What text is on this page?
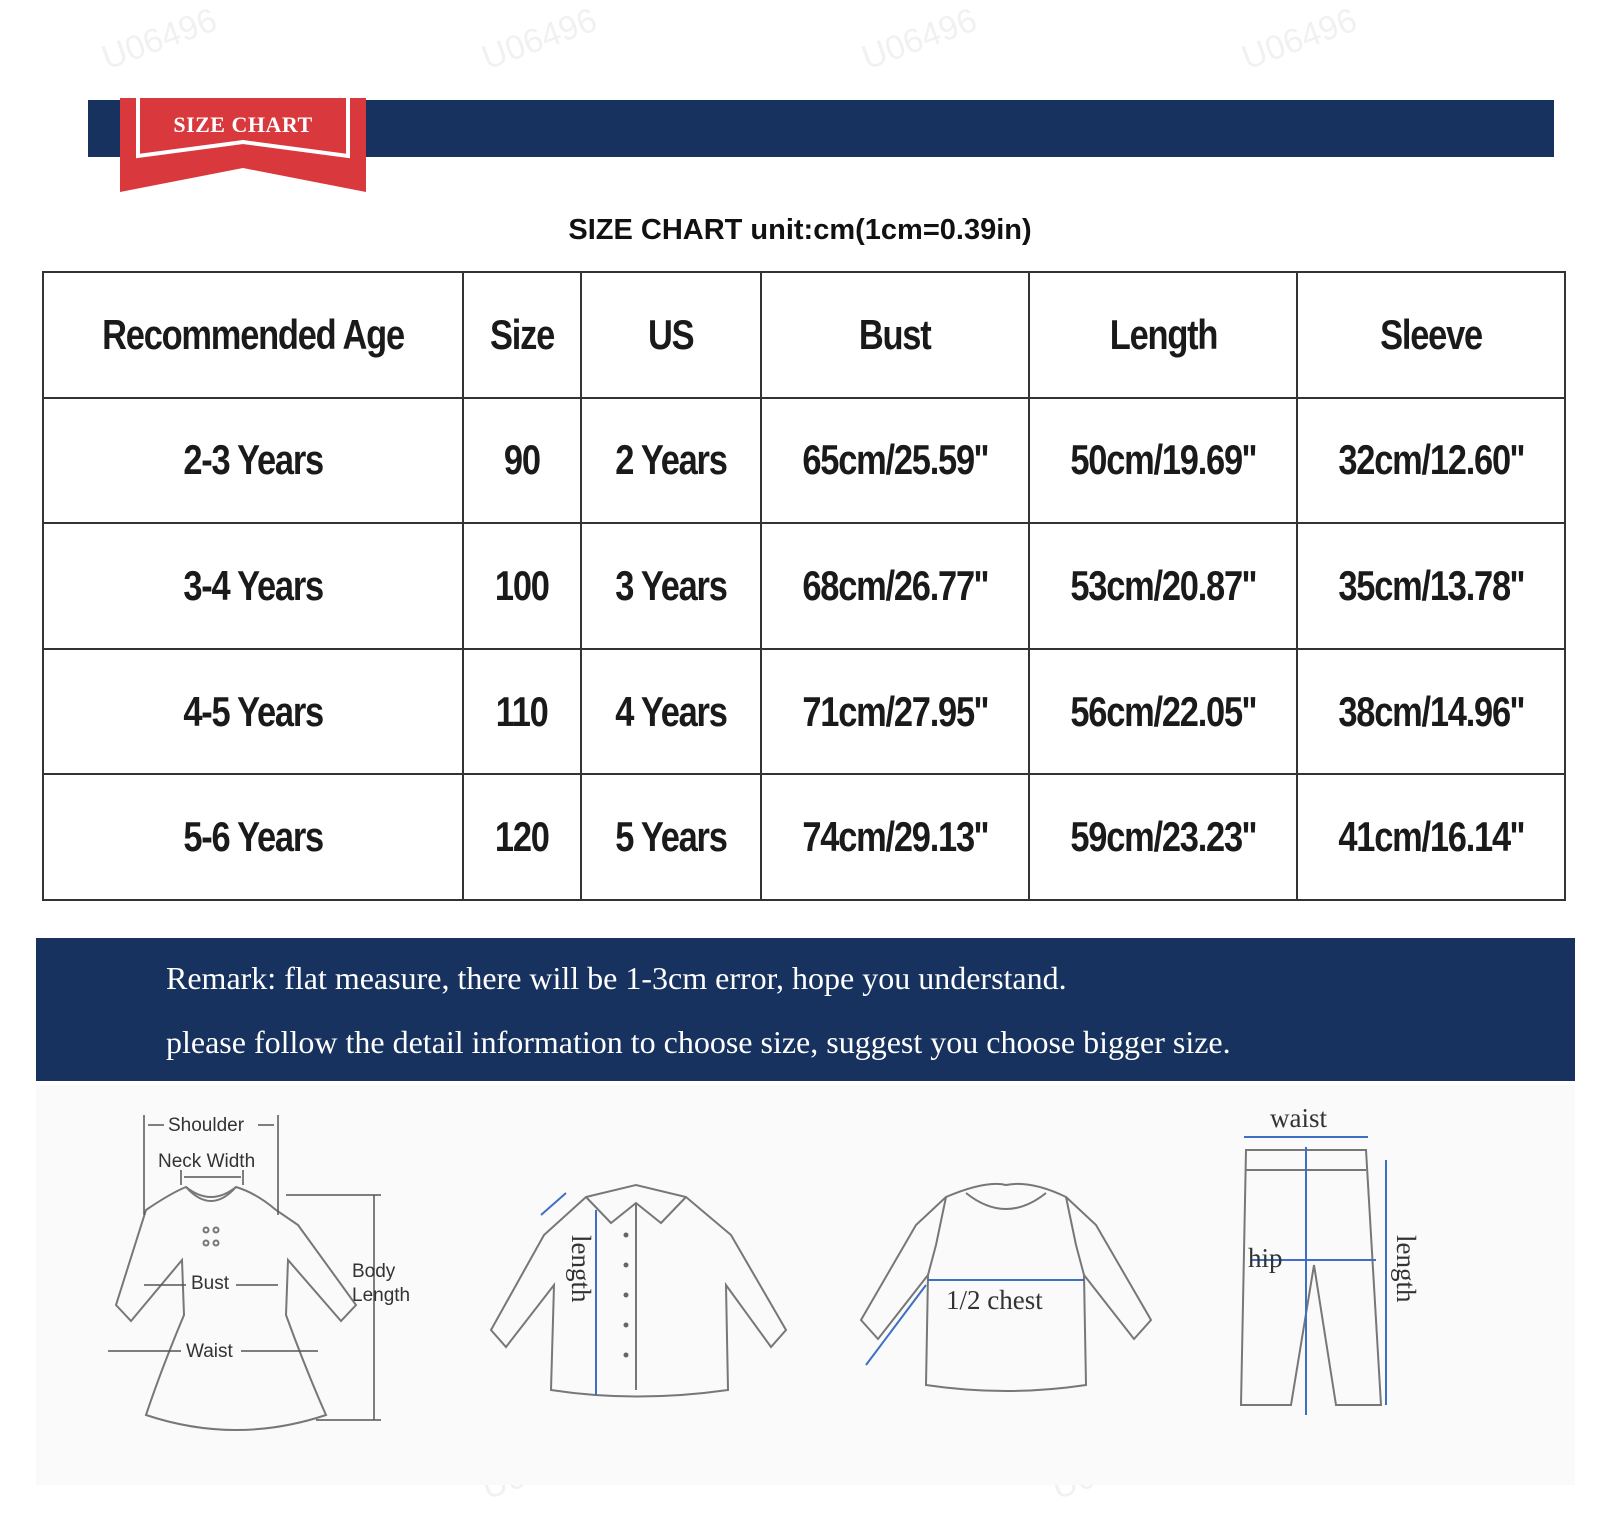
U06496	U06496	U06496	U06496
SIZE CHART
SIZE CHART unit:cm(1cm=0.39in)
Recommended Age	Size	US	Bust	Length	Sleeve
2-3 Years	90	2 Years	65cm/25.59''	50cm/19.69''	32cm/12.60''
3-4 Years	100	3 Years	68cm/26.77''	53cm/20.87''	35cm/13.78''
4-5 Years	110	4 Years	71cm/27.95''	56cm/22.05''	38cm/14.96''
5-6 Years	120	5 Years	74cm/29.13''	59cm/23.23''	41cm/16.14''
Remark: flat measure, there will be 1-3cm error, hope you understand.
please follow the detail information to choose size, suggest you choose bigger size.
Shoulder
Neck Width
Bust
Waist
Body
Length	length	1/2 chest
waist
hip	length
